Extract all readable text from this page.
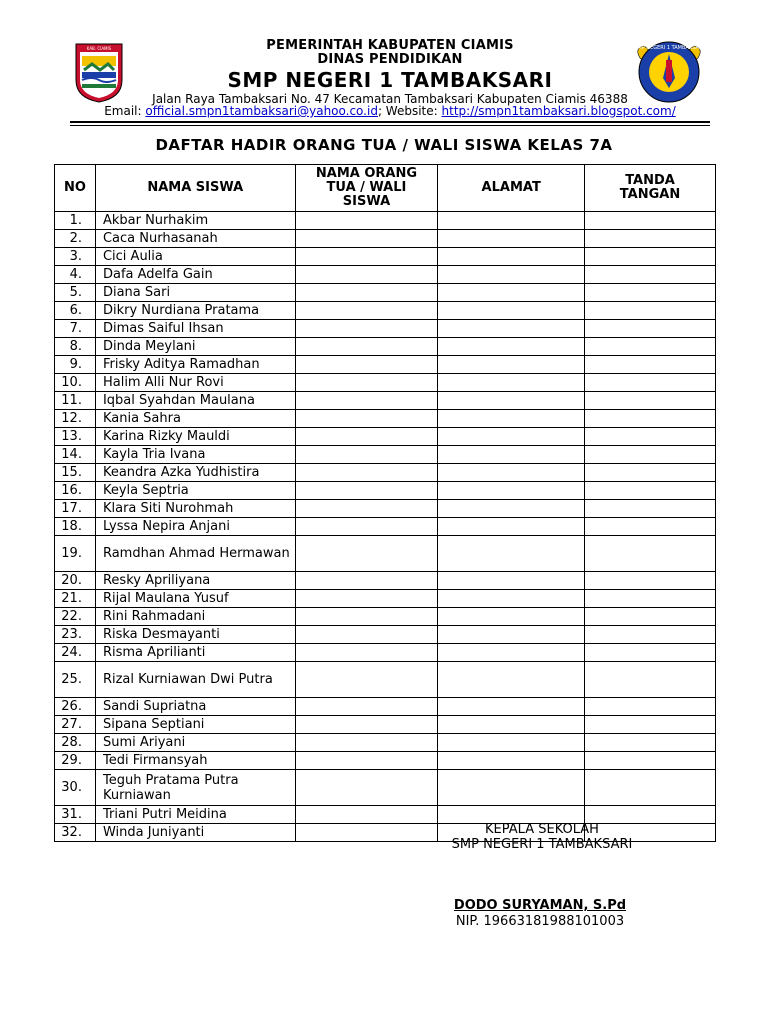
KAB. CIAMIS	SMP NEGERI 1 TAMBAKSARI
PEMERINTAH KABUPATEN CIAMIS
DINAS PENDIDIKAN
SMP NEGERI 1 TAMBAKSARI
Jalan Raya Tambaksari No. 47 Kecamatan Tambaksari Kabupaten Ciamis 46388
Email: official.smpn1tambaksari@yahoo.co.id; Website: http://smpn1tambaksari.blogspot.com/
DAFTAR HADIR ORANG TUA / WALI SISWA KELAS 7A
NO	NAMA SISWA	NAMA ORANG TUA / WALI SISWA	ALAMAT	TANDA TANGAN
1.	Akbar Nurhakim			
2.	Caca Nurhasanah			
3.	Cici Aulia			
4.	Dafa Adelfa Gain			
5.	Diana Sari			
6.	Dikry Nurdiana Pratama			
7.	Dimas Saiful Ihsan			
8.	Dinda Meylani			
9.	Frisky Aditya Ramadhan			
10.	Halim Alli Nur Rovi			
11.	Iqbal Syahdan Maulana			
12.	Kania Sahra			
13.	Karina Rizky Mauldi			
14.	Kayla Tria Ivana			
15.	Keandra Azka Yudhistira			
16.	Keyla Septria			
17.	Klara Siti Nurohmah			
18.	Lyssa Nepira Anjani			
19.	Ramdhan Ahmad Hermawan			
20.	Resky Apriliyana			
21.	Rijal Maulana Yusuf			
22.	Rini Rahmadani			
23.	Riska Desmayanti			
24.	Risma Aprilianti			
25.	Rizal Kurniawan Dwi Putra			
26.	Sandi Supriatna			
27.	Sipana Septiani			
28.	Sumi Ariyani			
29.	Tedi Firmansyah			
30.	Teguh Pratama Putra Kurniawan			
31.	Triani Putri Meidina			
32.	Winda Juniyanti				KEPALA SEKOLAH
SMP NEGERI 1 TAMBAKSARI
DODO SURYAMAN, S.Pd
NIP. 19663181988101003
